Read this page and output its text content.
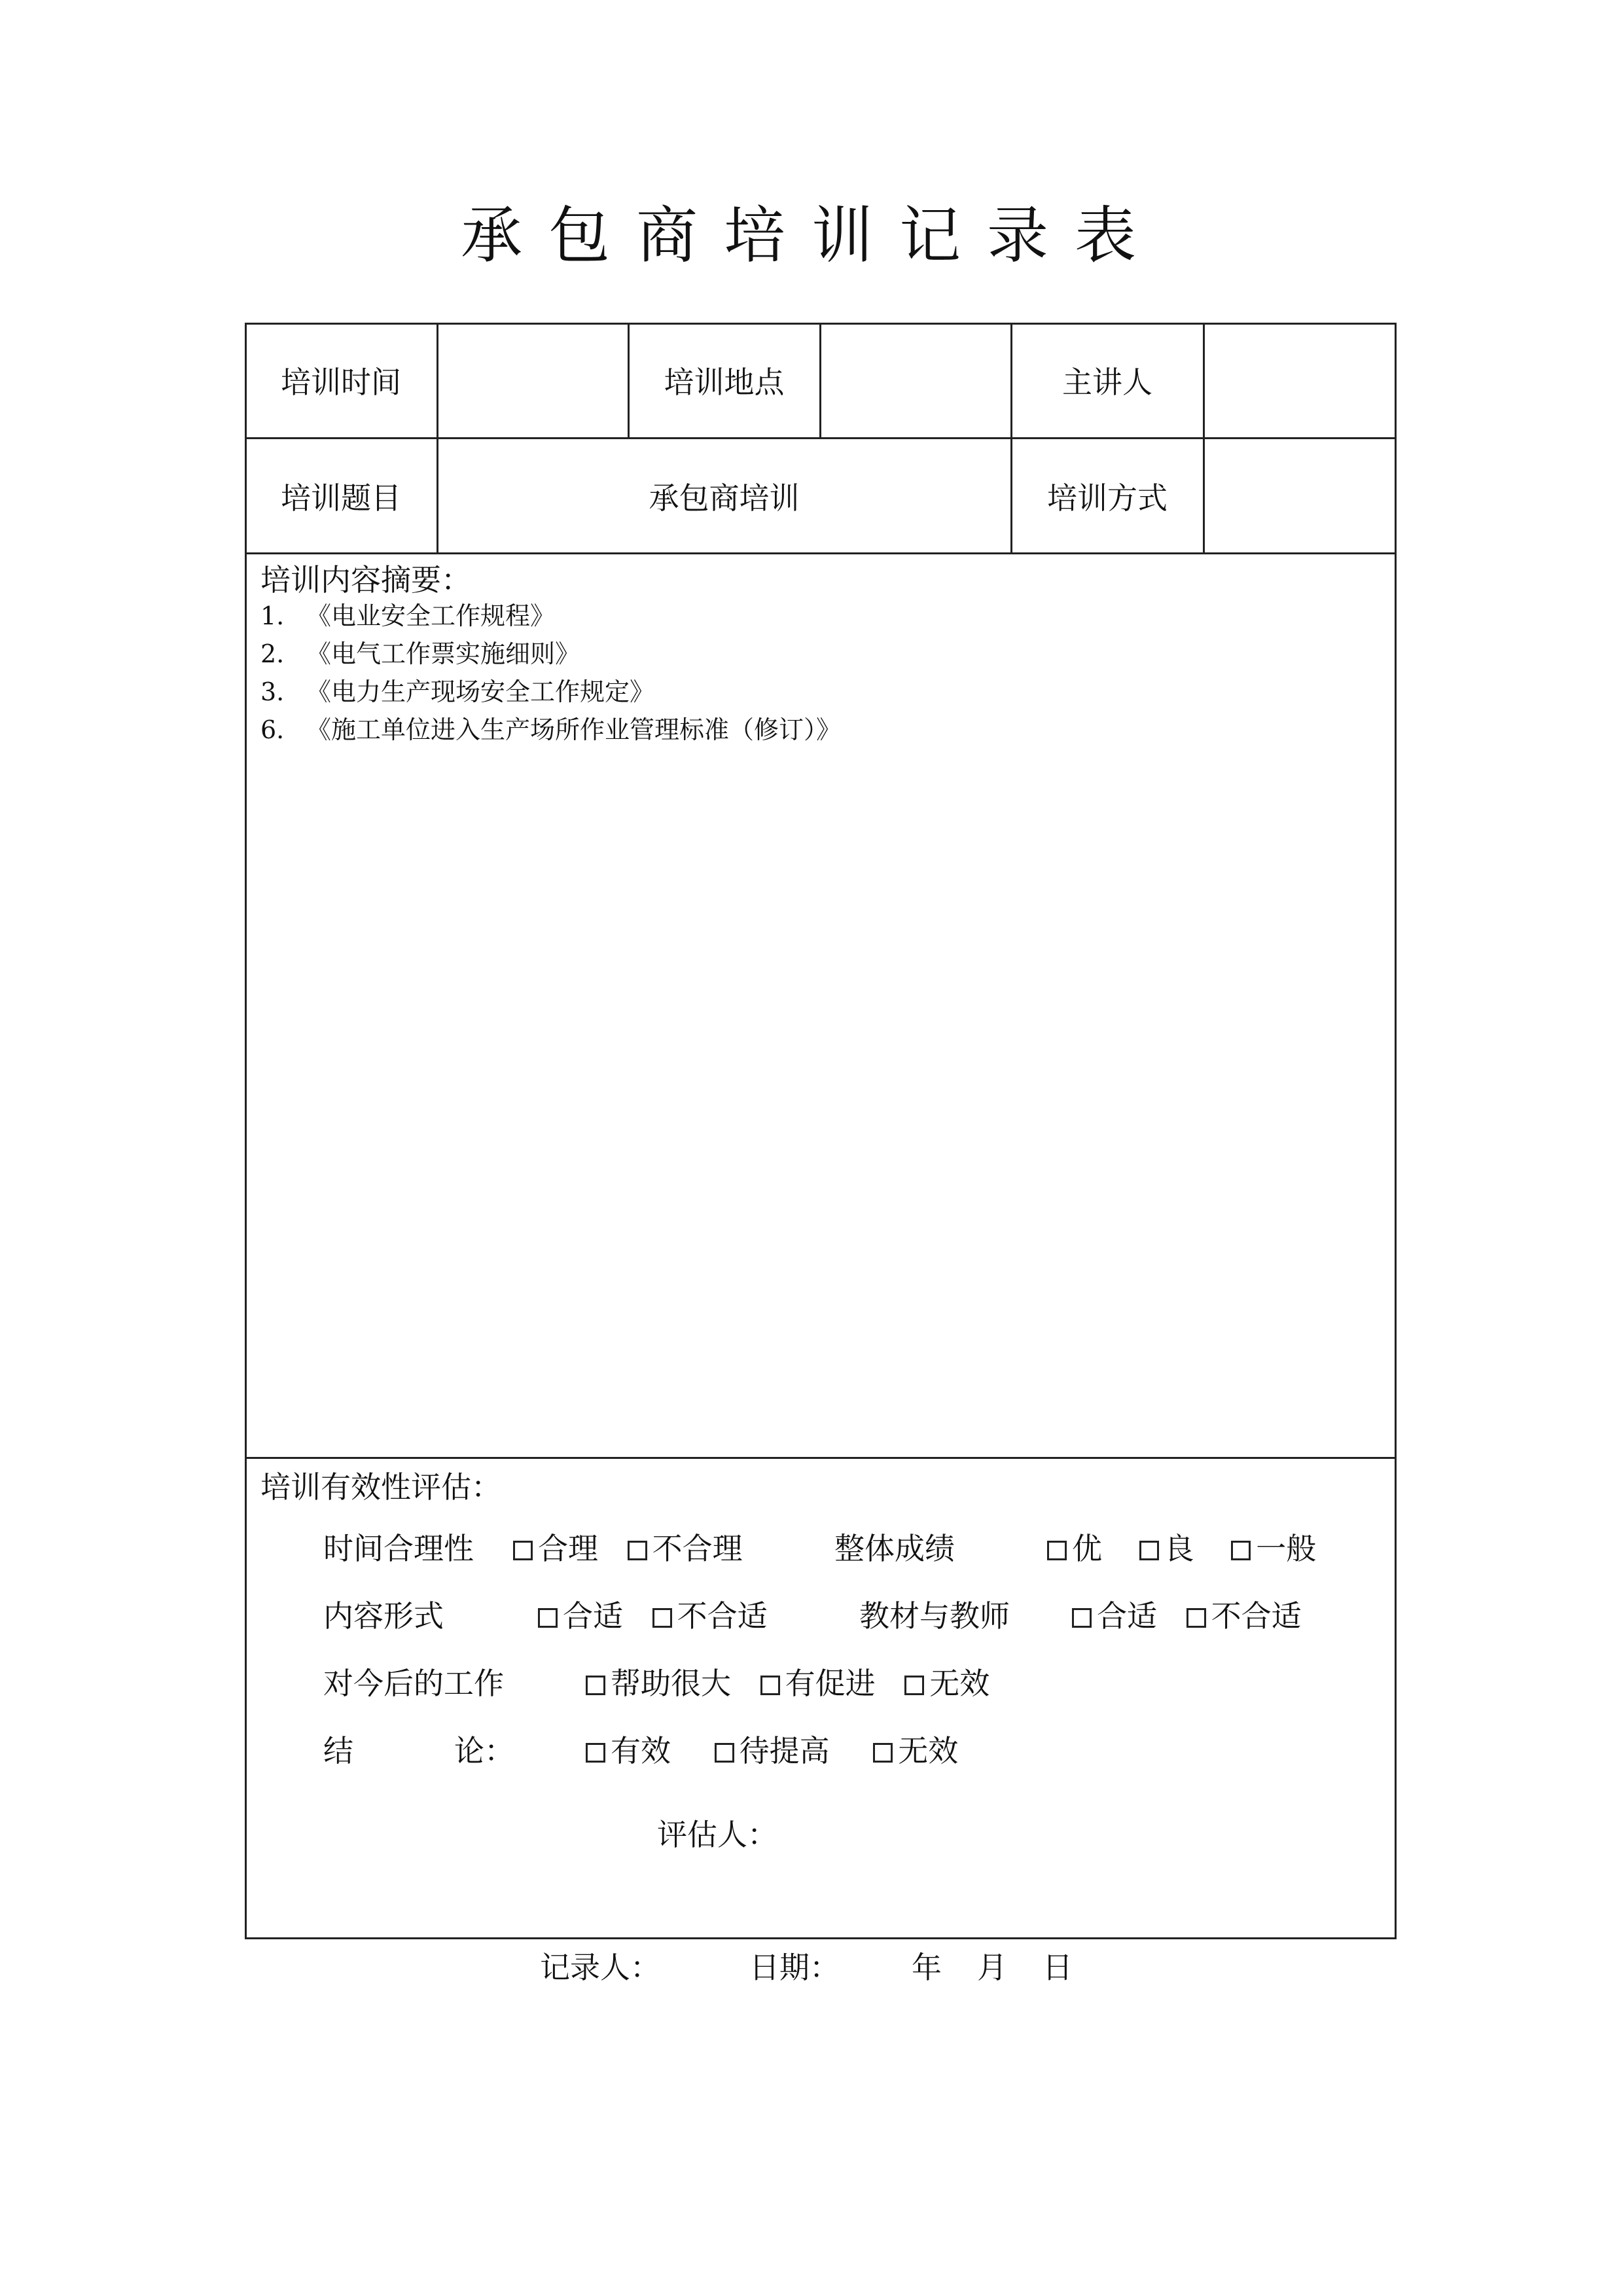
承包商培训记录表
培训时间	培训地点	主讲人
培训题目	承包商培训	培训方式
培训内容摘要：
1. 《电业安全工作规程》
2. 《电气工作票实施细则》
3. 《电力生产现场安全工作规定》
6. 《施工单位进入生产场所作业管理标准（修订）》
培训有效性评估：
时间合理性	合理 不合理	整体成绩	优 良 一般
内容形式	合适 不合适	教材与教师	合适 不合适
对今后的工作	帮助很大 有促进 无效
结	论：	有效 待提高 无效
评估人：
记录人：	日期： 年 月 日
